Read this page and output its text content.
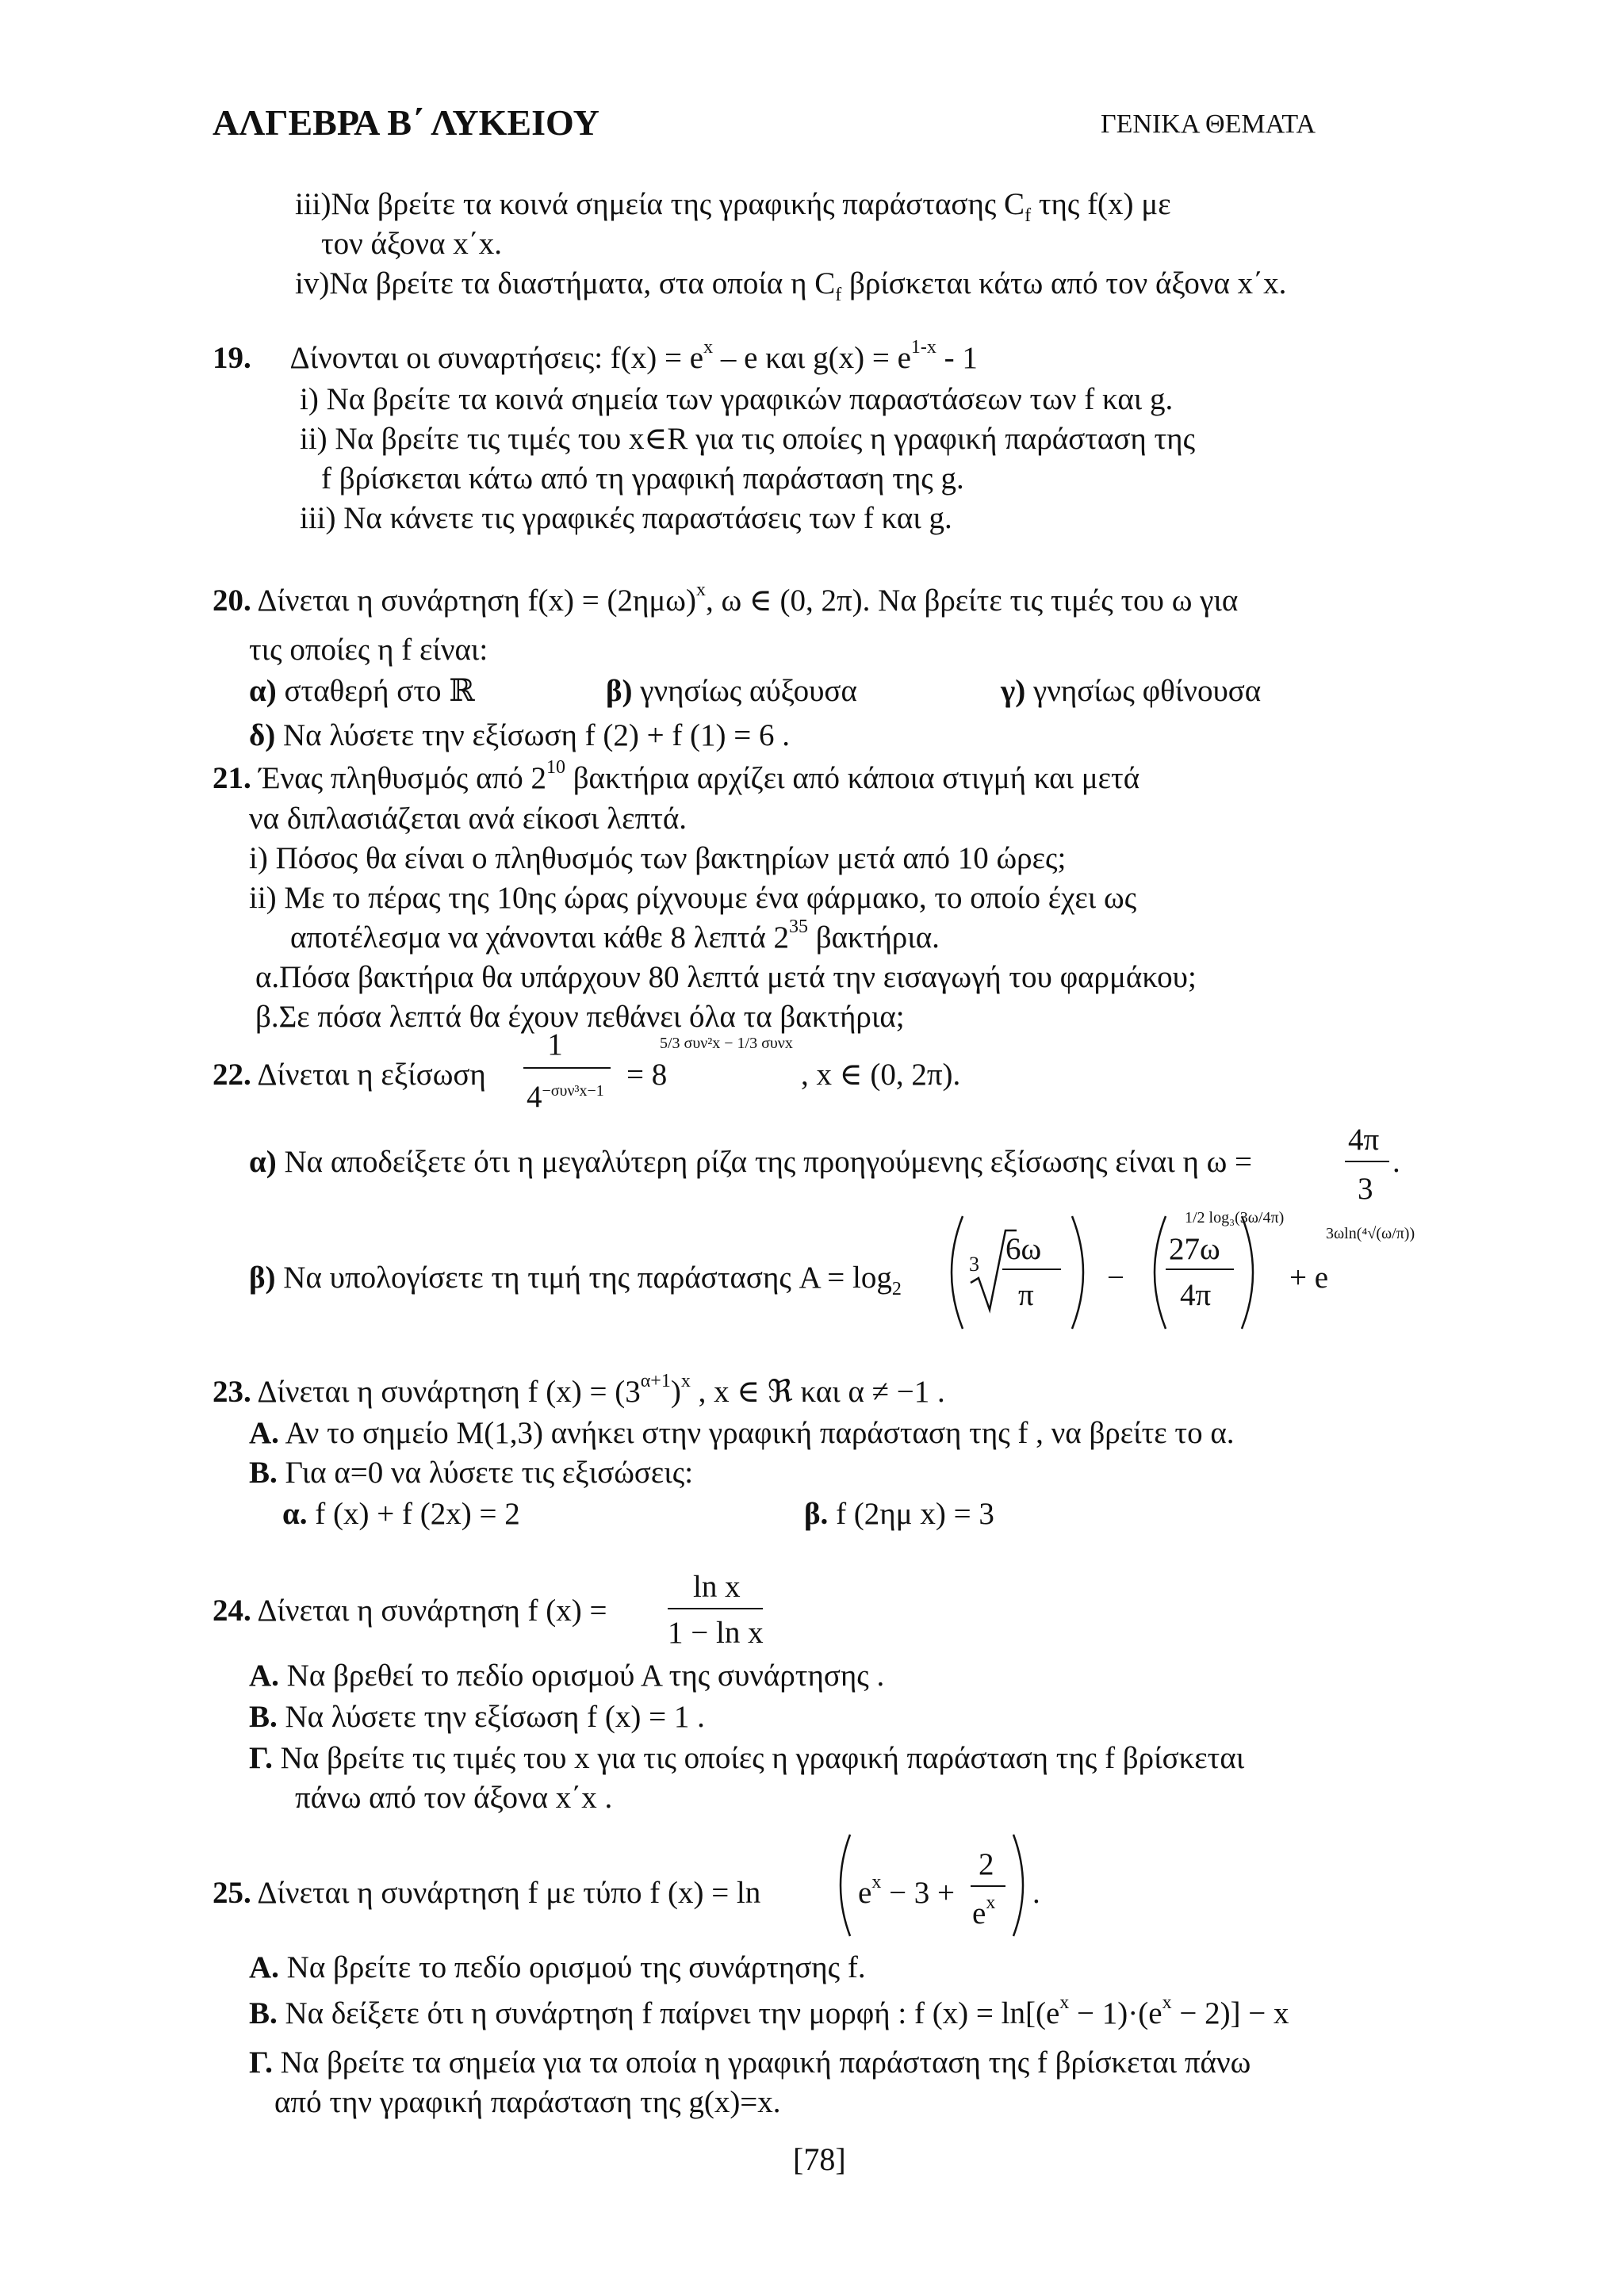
ΑΛΓΕΒΡΑ Β΄ ΛΥΚΕΙΟΥ	ΓΕΝΙΚΑ ΘΕΜΑΤΑ
iii)Να βρείτε τα κοινά σημεία της γραφικής παράστασης $C_f$ της f(x) με
τον άξονα x΄x.
iv)Να βρείτε τα διαστήματα, στα οποία η $C_f$ βρίσκεται κάτω από τον άξονα x΄x.
19. Δίνονται οι συναρτήσεις: $f(x) = e^x - e$ και $g(x) = e^{1-x} - 1$
i) Να βρείτε τα κοινά σημεία των γραφικών παραστάσεων των f και g.
ii) Να βρείτε τις τιμές του x∈R για τις οποίες η γραφική παράσταση της
f βρίσκεται κάτω από τη γραφική παράσταση της g.
iii) Να κάνετε τις γραφικές παραστάσεις των f και g.
20. Δίνεται η συνάρτηση $f(x) = (2\eta\mu\omega)^x$, ω ∈ (0, 2π). Να βρείτε τις τιμές του ω για
τις οποίες η f είναι:
α) σταθερή στο ℝ	β) γνησίως αύξουσα	γ) γνησίως φθίνουσα
δ) Να λύσετε την εξίσωση f (2) + f (1) = 6 .
21. Ένας πληθυσμός από $2^{10}$ βακτήρια αρχίζει από κάποια στιγμή και μετά
να διπλασιάζεται ανά είκοσι λεπτά.
i) Πόσος θα είναι ο πληθυσμός των βακτηρίων μετά από 10 ώρες;
ii) Με το πέρας της 10ης ώρας ρίχνουμε ένα φάρμακο, το οποίο έχει ως
αποτέλεσμα να χάνονται κάθε 8 λεπτά $2^{35}$ βακτήρια.
α.Πόσα βακτήρια θα υπάρχουν 80 λεπτά μετά την εισαγωγή του φαρμάκου;
β.Σε πόσα λεπτά θα έχουν πεθάνει όλα τα βακτήρια;
22. Δίνεται η εξίσωση
1
$4^{-\sigma\upsilon\nu^3x-1} = 8$
5/3 συν²x − 1/3 συνx
, x ∈ (0, 2π).
α) Να αποδείξετε ότι η μεγαλύτερη ρίζα της προηγούμενης εξίσωσης είναι η ω =
4π
3
.
β) Να υπολογίσετε τη τιμή της παράστασης $A = \log_2$
3 6ω
π
−
27ω
4π
1/2 log₃(3ω/4π)
+ e
3ωln(⁴√(ω/π))
23. Δίνεται η συνάρτηση f $(x) = (3^{\alpha+1})^x$ , x ∈ ℜ και α ≠ −1 .
Α. Αν το σημείο Μ(1,3) ανήκει στην γραφική παράσταση της f , να βρείτε το α.
Β. Για α=0 να λύσετε τις εξισώσεις:
α. f (x) + f (2x) = 2	β. f (2ημ x) = 3
24. Δίνεται η συνάρτηση f (x) =
ln x
1 − ln x
Α. Να βρεθεί το πεδίο ορισμού Α της συνάρτησης .
Β. Να λύσετε την εξίσωση f (x) = 1 .
Γ. Να βρείτε τις τιμές του x για τις οποίες η γραφική παράσταση της f βρίσκεται
πάνω από τον άξονα x΄x .
25. Δίνεται η συνάρτηση f με τύπο f (x) = ln	$e^x - 3$ +
2
$e^x$ .
Α. Να βρείτε το πεδίο ορισμού της συνάρτησης f.
Β. Να δείξετε ότι η συνάρτηση f παίρνει την μορφή : f $(x) = \ln[(e^x - 1)\cdot(e^x - 2)] - x$
Γ. Να βρείτε τα σημεία για τα οποία η γραφική παράσταση της f βρίσκεται πάνω
από την γραφική παράσταση της g(x)=x.
[78]
